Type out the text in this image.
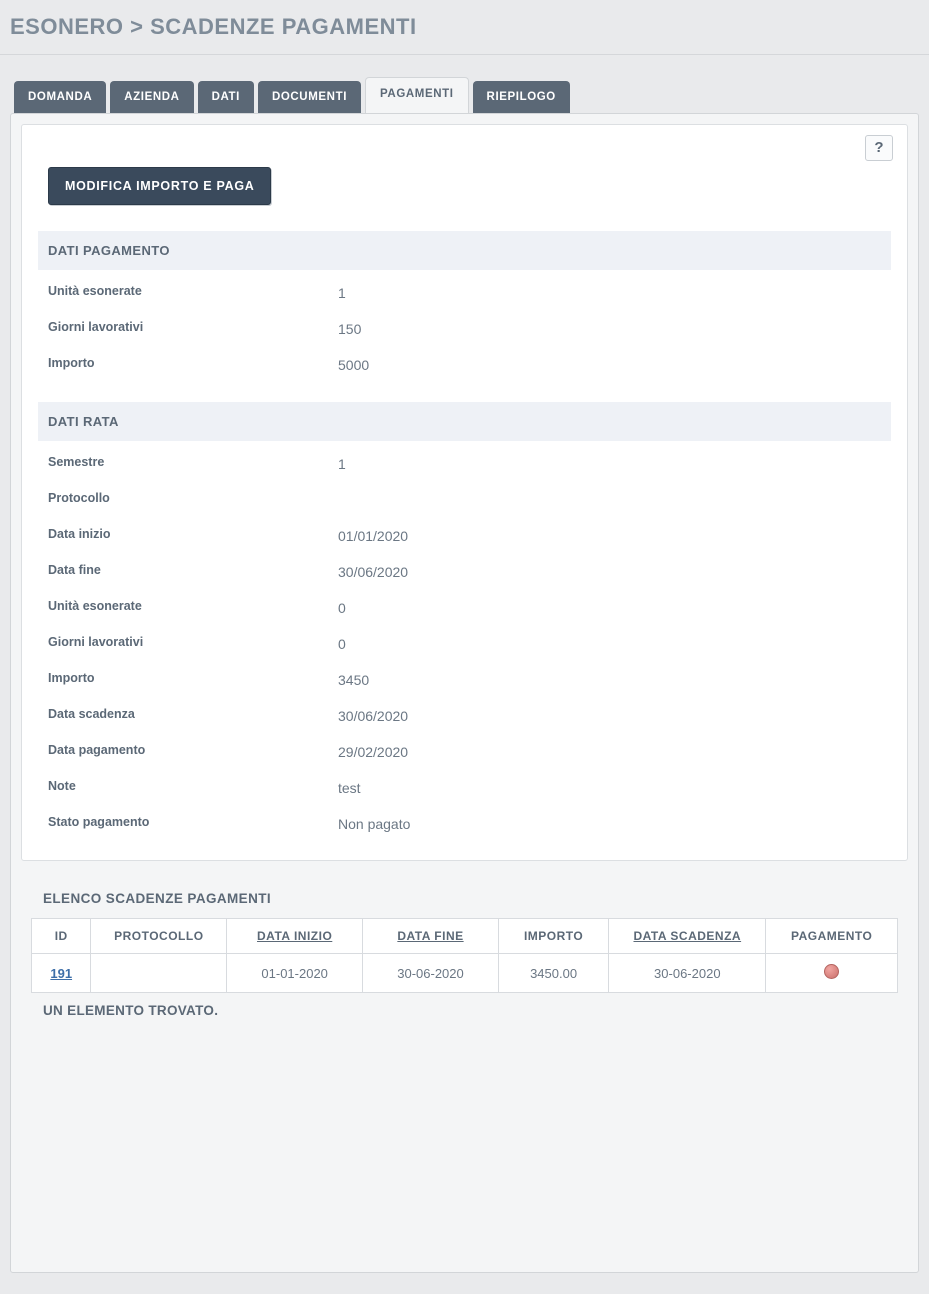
ESONERO > SCADENZE PAGAMENTI
DOMANDA	AZIENDA	DATI	DOCUMENTI	PAGAMENTI	RIEPILOGO
?
MODIFICA IMPORTO E PAGA
DATI PAGAMENTO
Unità esonerate	1
Giorni lavorativi	150
Importo	5000
DATI RATA
Semestre	1
Protocollo
Data inizio	01/01/2020
Data fine	30/06/2020
Unità esonerate	0
Giorni lavorativi	0
Importo	3450
Data scadenza	30/06/2020
Data pagamento	29/02/2020
Note	test
Stato pagamento	Non pagato
ELENCO SCADENZE PAGAMENTI
ID	PROTOCOLLO	DATA INIZIO	DATA FINE	IMPORTO	DATA SCADENZA	PAGAMENTO
191		01-01-2020	30-06-2020	3450.00	30-06-2020	
UN ELEMENTO TROVATO.
